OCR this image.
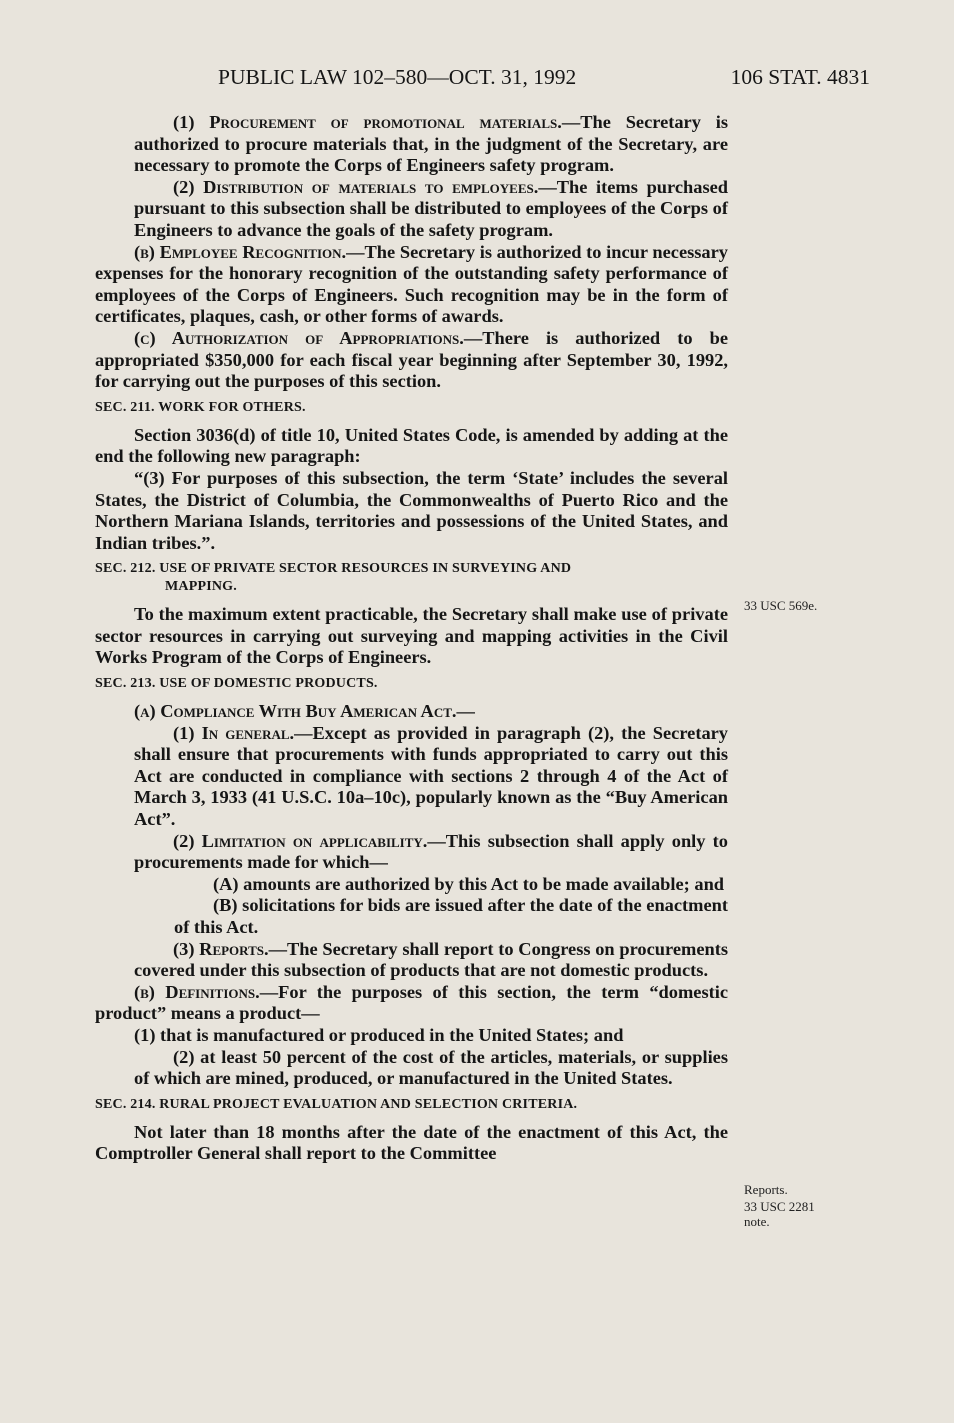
PUBLIC LAW 102–580—OCT. 31, 1992	106 STAT. 4831

(1) Procurement of promotional materials.—The Secretary is authorized to procure materials that, in the judgment of the Secretary, are necessary to promote the Corps of Engineers safety program.

(2) Distribution of materials to employees.—The items purchased pursuant to this subsection shall be distributed to employees of the Corps of Engineers to advance the goals of the safety program.

(b) Employee Recognition.—The Secretary is authorized to incur necessary expenses for the honorary recognition of the outstanding safety performance of employees of the Corps of Engineers. Such recognition may be in the form of certificates, plaques, cash, or other forms of awards.

(c) Authorization of Appropriations.—There is authorized to be appropriated $350,000 for each fiscal year beginning after September 30, 1992, for carrying out the purposes of this section.

SEC. 211. WORK FOR OTHERS.

Section 3036(d) of title 10, United States Code, is amended by adding at the end the following new paragraph:

“(3) For purposes of this subsection, the term ‘State’ includes the several States, the District of Columbia, the Commonwealths of Puerto Rico and the Northern Mariana Islands, territories and possessions of the United States, and Indian tribes.”.

SEC. 212. USE OF PRIVATE SECTOR RESOURCES IN SURVEYING AND
MAPPING.

To the maximum extent practicable, the Secretary shall make use of private sector resources in carrying out surveying and mapping activities in the Civil Works Program of the Corps of Engineers.

SEC. 213. USE OF DOMESTIC PRODUCTS.

(a) Compliance With Buy American Act.—

(1) In general.—Except as provided in paragraph (2), the Secretary shall ensure that procurements with funds appropriated to carry out this Act are conducted in compliance with sections 2 through 4 of the Act of March 3, 1933 (41 U.S.C. 10a–10c), popularly known as the “Buy American Act”.

(2) Limitation on applicability.—This subsection shall apply only to procurements made for which—

(A) amounts are authorized by this Act to be made available; and

(B) solicitations for bids are issued after the date of the enactment of this Act.

(3) Reports.—The Secretary shall report to Congress on procurements covered under this subsection of products that are not domestic products.

(b) Definitions.—For the purposes of this section, the term “domestic product” means a product—

(1) that is manufactured or produced in the United States; and

(2) at least 50 percent of the cost of the articles, materials, or supplies of which are mined, produced, or manufactured in the United States.

SEC. 214. RURAL PROJECT EVALUATION AND SELECTION CRITERIA.

Not later than 18 months after the date of the enactment of this Act, the Comptroller General shall report to the Committee

33 USC 569e.
Reports.
33 USC 2281
note.
